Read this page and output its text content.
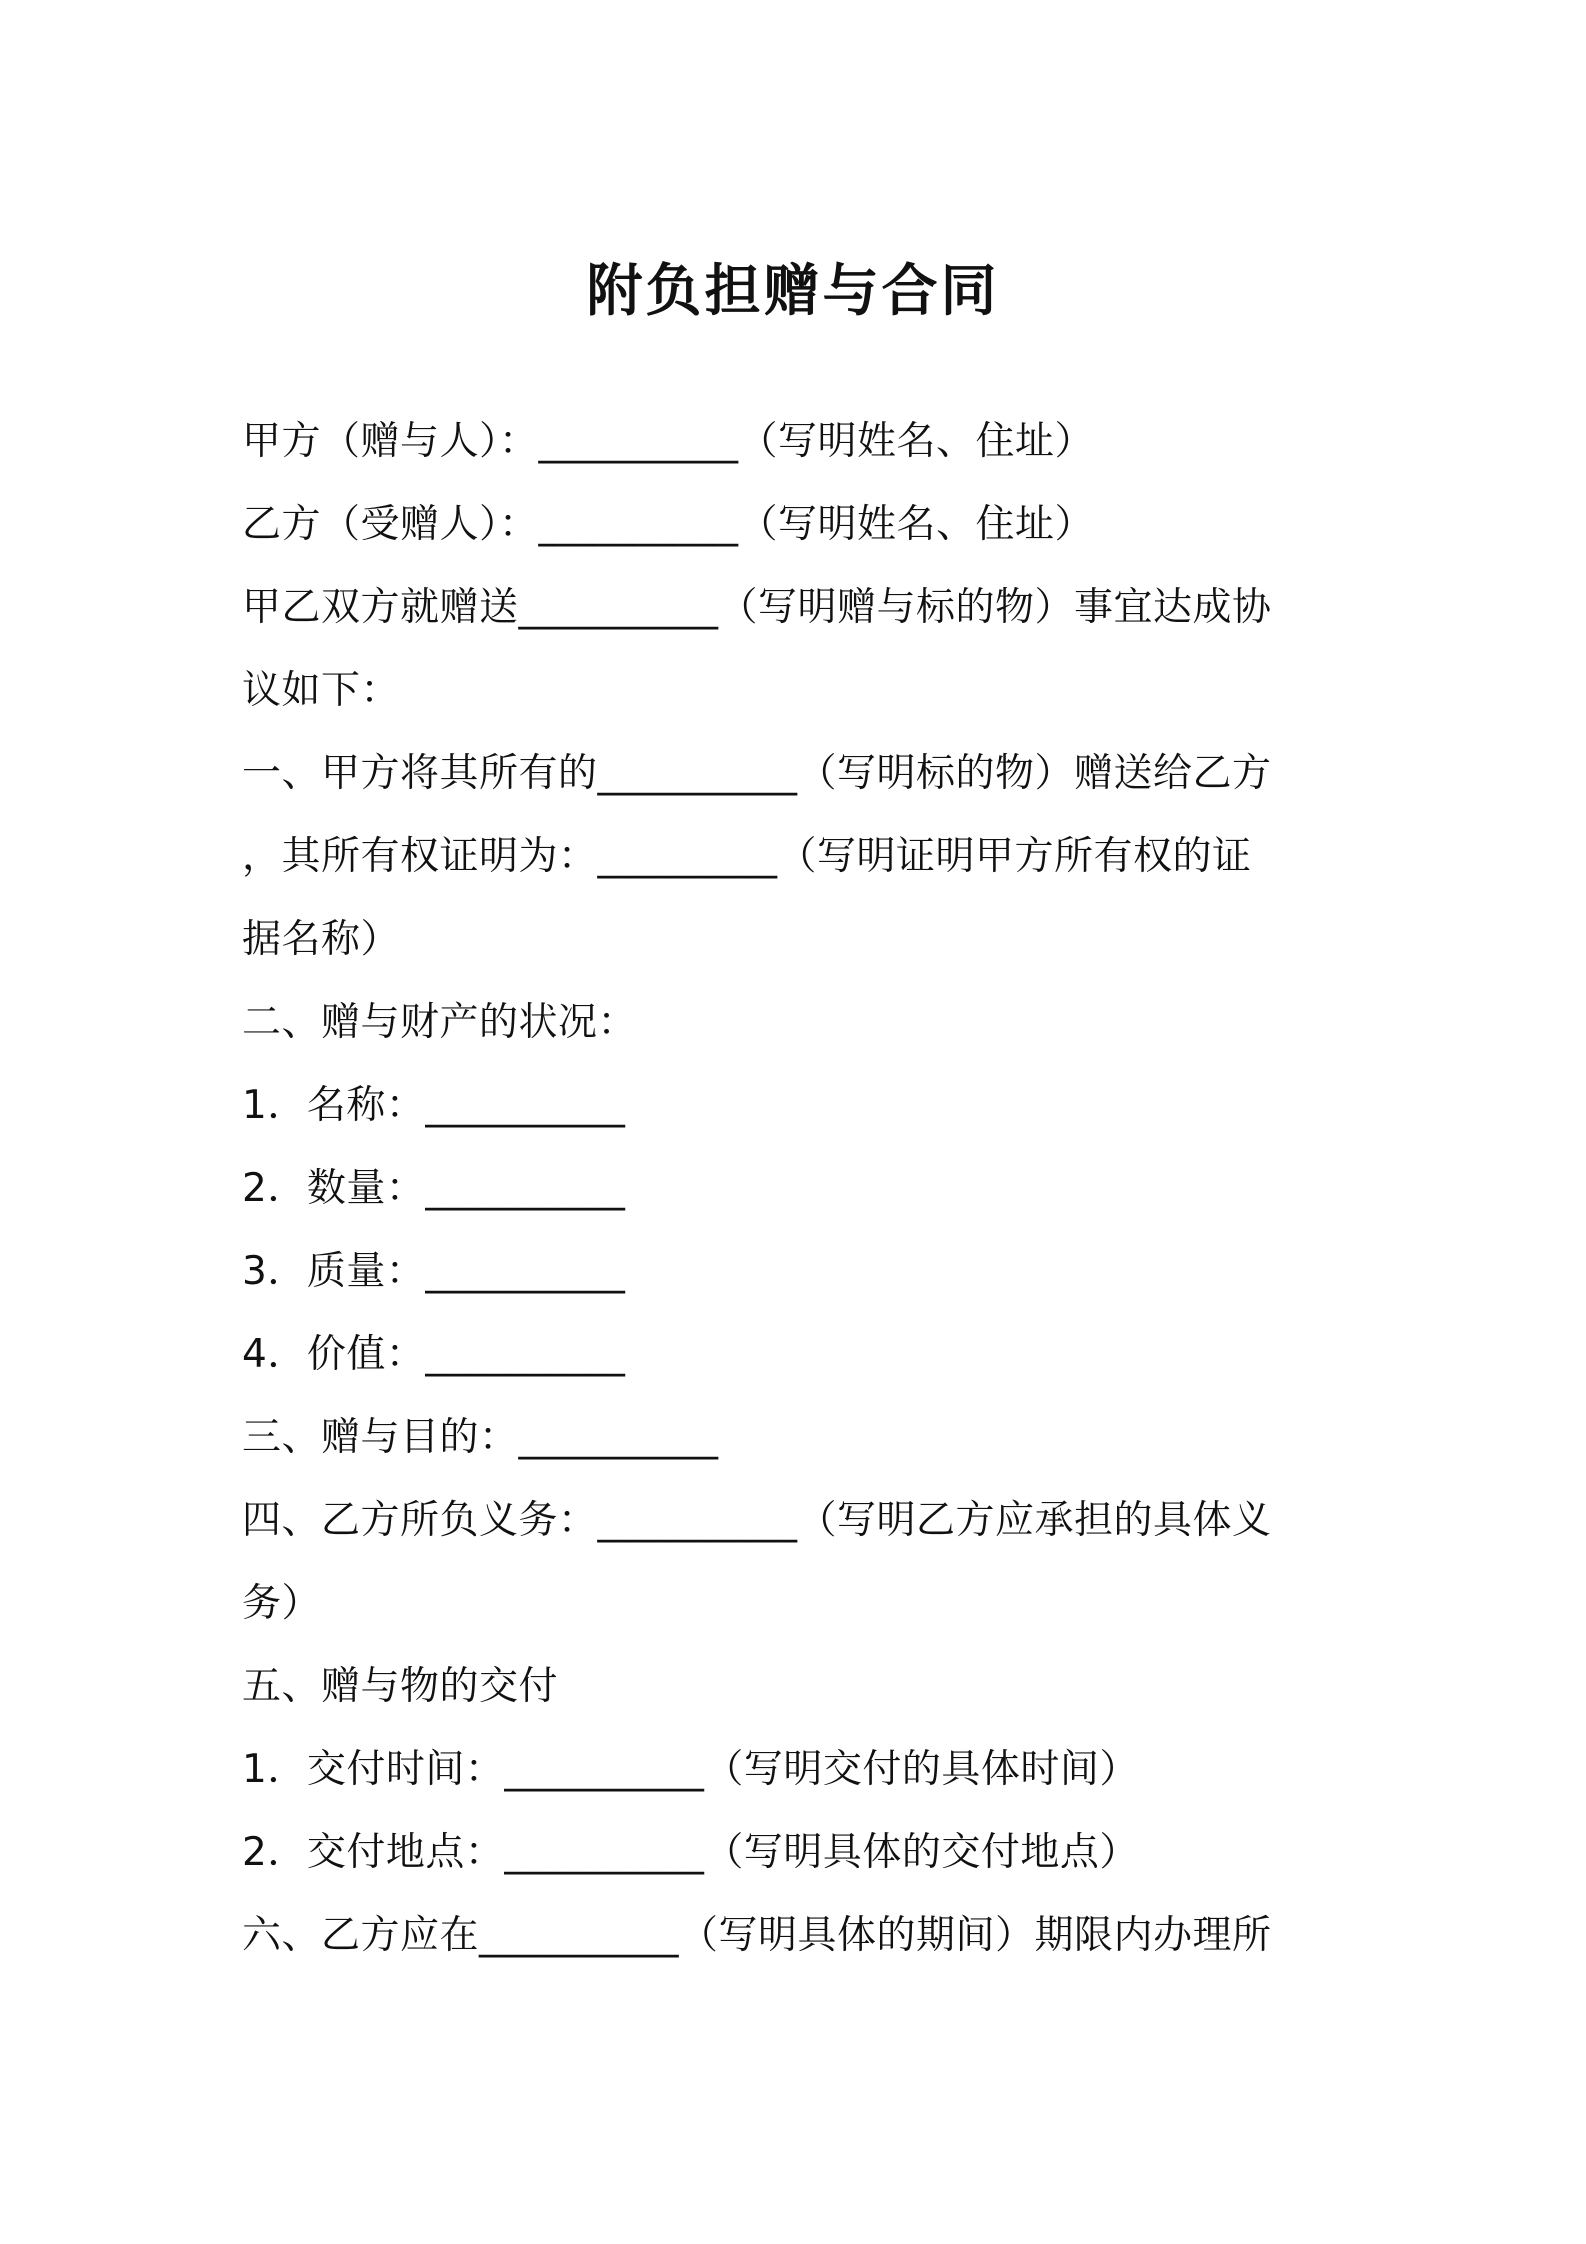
附负担赠与合同
甲方（赠与人）：__________（写明姓名、住址）
乙方（受赠人）：__________（写明姓名、住址）
甲乙双方就赠送__________（写明赠与标的物）事宜达成协
议如下：
一、甲方将其所有的__________（写明标的物）赠送给乙方
，其所有权证明为：_________（写明证明甲方所有权的证
据名称）
二、赠与财产的状况：
1．名称：__________
2．数量：__________
3．质量：__________
4．价值：__________
三、赠与目的：__________
四、乙方所负义务：__________（写明乙方应承担的具体义
务）
五、赠与物的交付
1．交付时间：__________（写明交付的具体时间）
2．交付地点：__________（写明具体的交付地点）
六、乙方应在__________（写明具体的期间）期限内办理所
